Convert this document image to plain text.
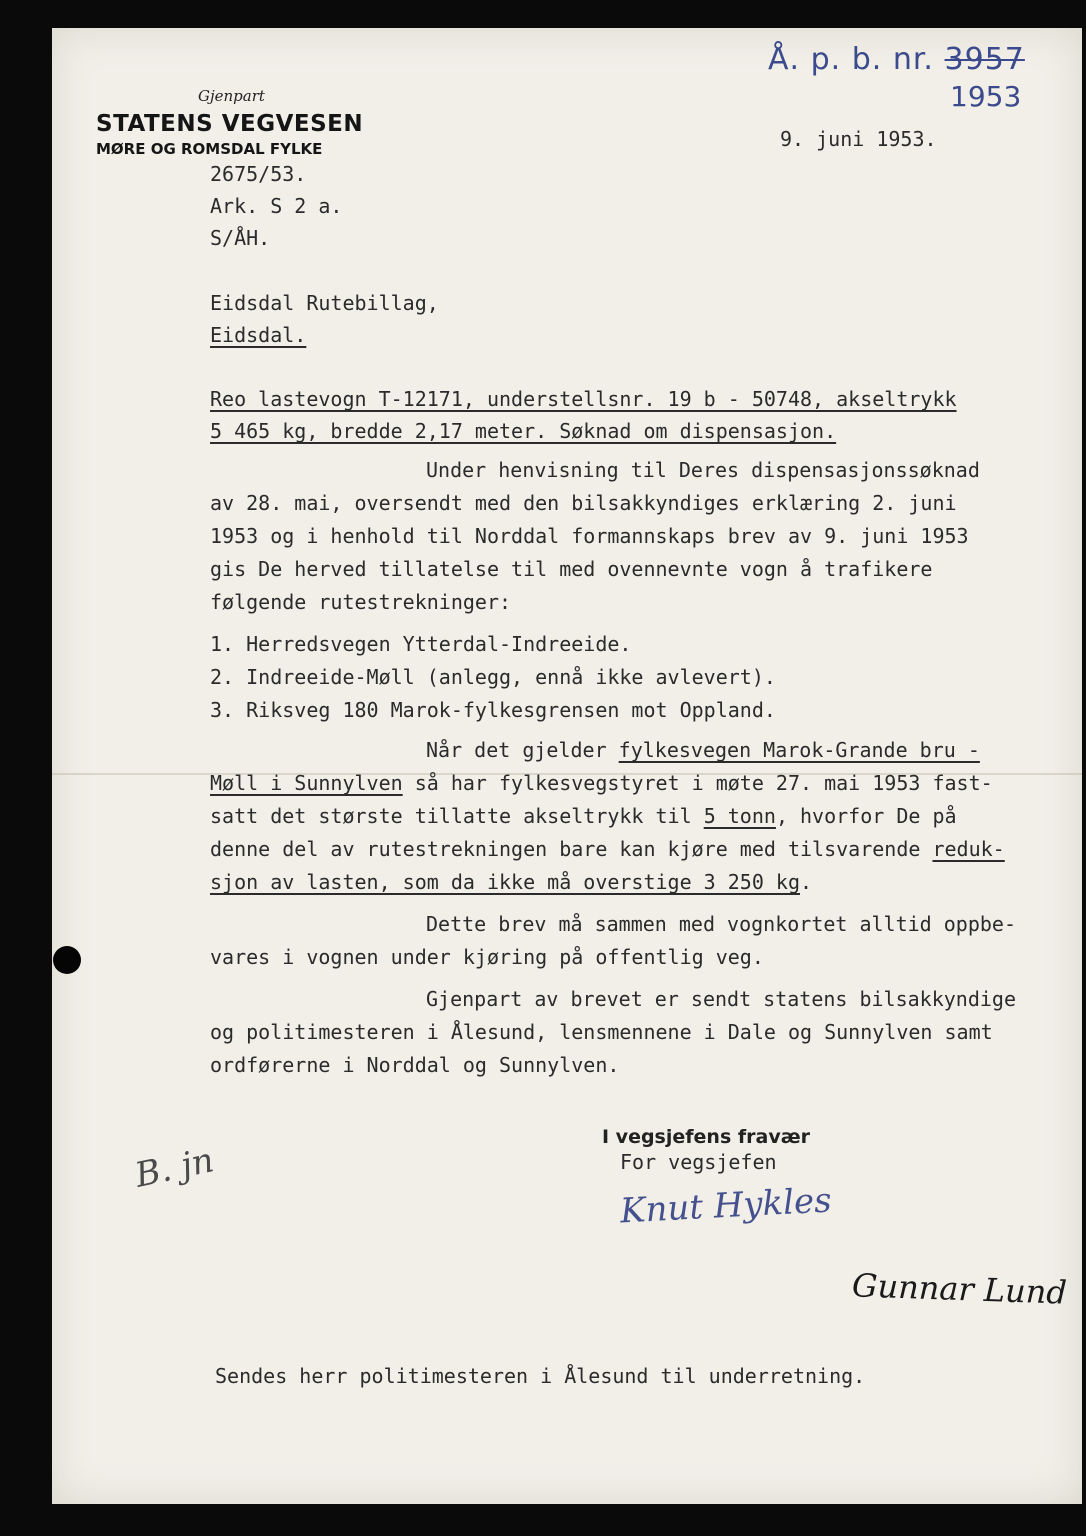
Å. p. b. nr. 3957
1953
Gjenpart
STATENS VEGVESEN
MØRE OG ROMSDAL FYLKE	9. juni 1953.
2675/53.
Ark. S 2 a.
S/ÅH.
Eidsdal Rutebillag,
Eidsdal.
Reo lastevogn T-12171, understellsnr. 19 b - 50748, akseltrykk
5 465 kg, bredde 2,17 meter. Søknad om dispensasjon.
Under henvisning til Deres dispensasjonssøknad
av 28. mai, oversendt med den bilsakkyndiges erklæring 2. juni
1953 og i henhold til Norddal formannskaps brev av 9. juni 1953
gis De herved tillatelse til med ovennevnte vogn å trafikere
følgende rutestrekninger:
1. Herredsvegen Ytterdal-Indreeide.
2. Indreeide-Møll (anlegg, ennå ikke avlevert).
3. Riksveg 180 Marok-fylkesgrensen mot Oppland.
Når det gjelder fylkesvegen Marok-Grande bru -
Møll i Sunnylven så har fylkesvegstyret i møte 27. mai 1953 fast-
satt det største tillatte akseltrykk til 5 tonn, hvorfor De på
denne del av rutestrekningen bare kan kjøre med tilsvarende reduk-
sjon av lasten, som da ikke må overstige 3 250 kg.
Dette brev må sammen med vognkortet alltid oppbe-
vares i vognen under kjøring på offentlig veg.
Gjenpart av brevet er sendt statens bilsakkyndige
og politimesteren i Ålesund, lensmennene i Dale og Sunnylven samt
ordførerne i Norddal og Sunnylven.
I vegsjefens fravær
For vegsjefen
Knut Hykles
Gunnar Lund
B. jn
Sendes herr politimesteren i Ålesund til underretning.
